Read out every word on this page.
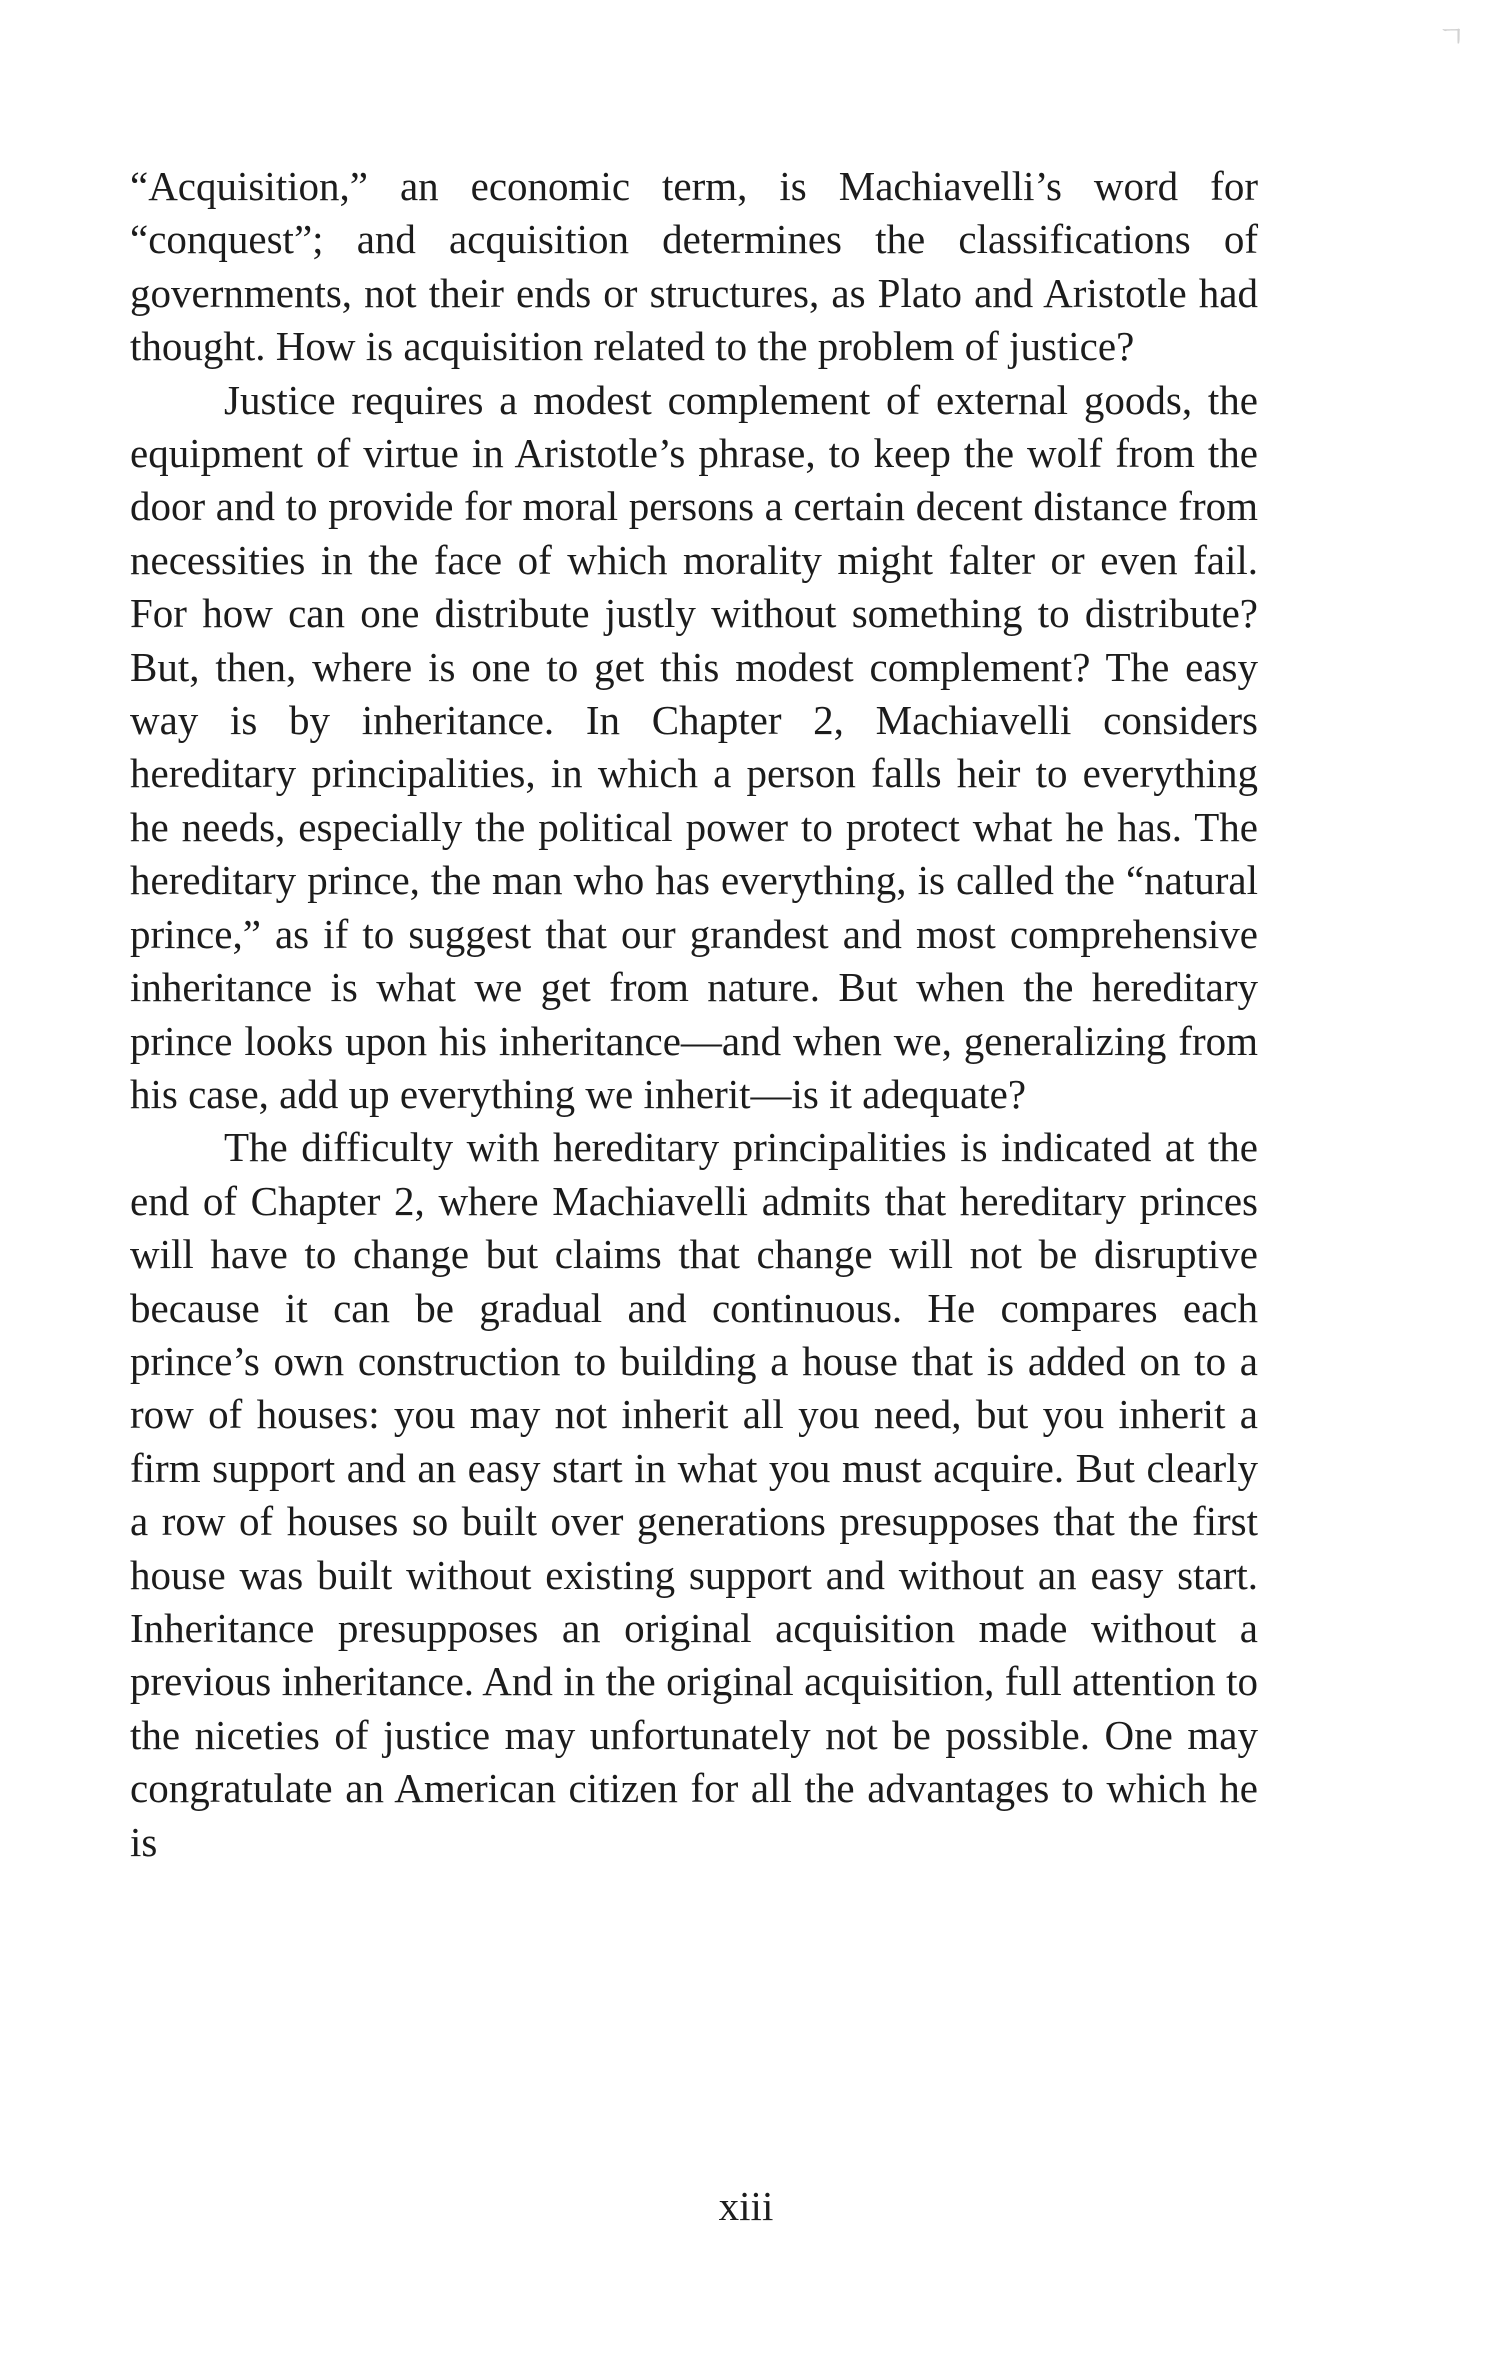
ㄱ

“Acquisition,” an economic term, is Machiavelli’s word for “conquest”; and acquisition determines the classifications of governments, not their ends or structures, as Plato and Aristotle had thought. How is acquisition related to the problem of justice?

Justice requires a modest complement of external goods, the equipment of virtue in Aristotle’s phrase, to keep the wolf from the door and to provide for moral persons a certain decent distance from necessities in the face of which morality might falter or even fail. For how can one distribute justly without something to distribute? But, then, where is one to get this modest complement? The easy way is by inheritance. In Chapter 2, Machiavelli considers hereditary principalities, in which a person falls heir to everything he needs, especially the political power to protect what he has. The hereditary prince, the man who has everything, is called the “natural prince,” as if to suggest that our grandest and most comprehensive inheritance is what we get from nature. But when the hereditary prince looks upon his inheritance—and when we, generalizing from his case, add up everything we inherit—is it adequate?

The difficulty with hereditary principalities is indicated at the end of Chapter 2, where Machiavelli admits that hereditary princes will have to change but claims that change will not be disruptive because it can be gradual and continuous. He compares each prince’s own construction to building a house that is added on to a row of houses: you may not inherit all you need, but you inherit a firm support and an easy start in what you must acquire. But clearly a row of houses so built over generations presupposes that the first house was built without existing support and without an easy start. Inheritance presupposes an original acquisition made without a previous inheritance. And in the original acquisition, full attention to the niceties of justice may unfortunately not be possible. One may congratulate an American citizen for all the advantages to which he is

xiii
